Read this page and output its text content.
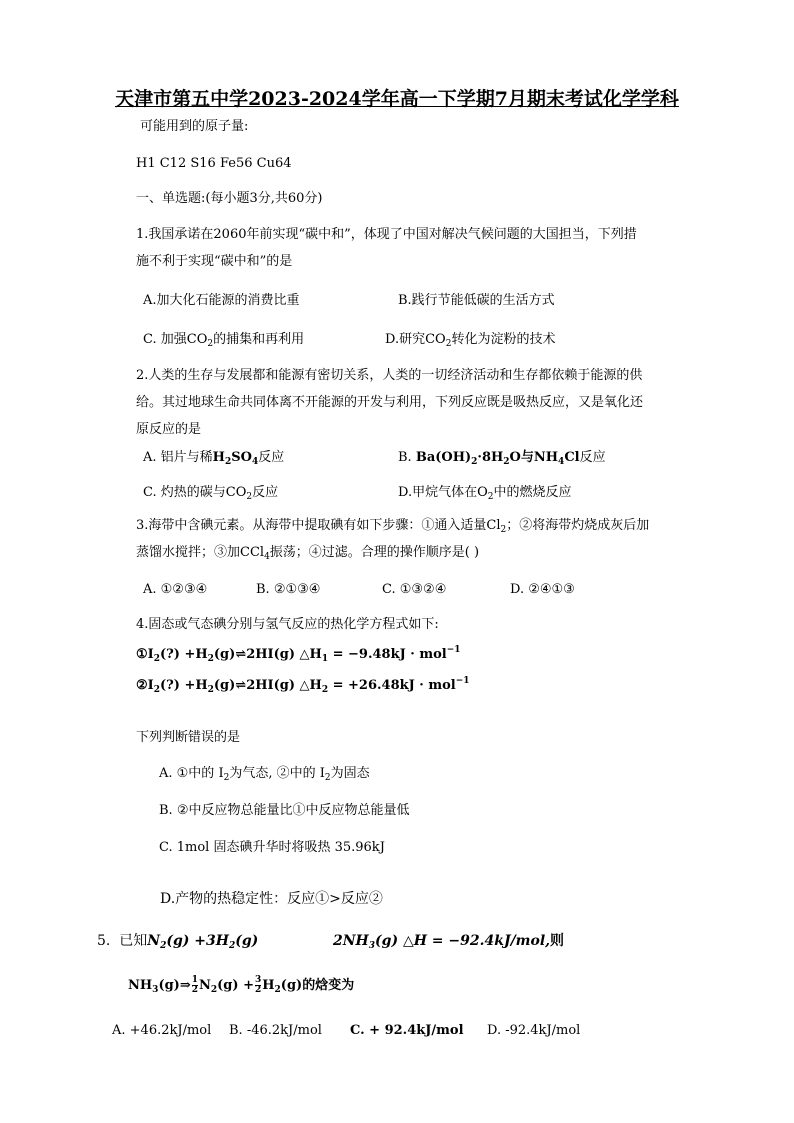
天津市第五中学2023-2024学年高一下学期7月期末考试化学学科
可能用到的原子量:
H1 C12 S16 Fe56 Cu64
一、单选题:(每小题3分,共60分)
1.我国承诺在2060年前实现“碳中和”，体现了中国对解决气候问题的大国担当，下列措
施不利于实现“碳中和”的是
A.加大化石能源的消费比重	B.践行节能低碳的生活方式
C. 加强$CO_2$的捕集和再利用	D.研究$CO_2$转化为淀粉的技术
2.人类的生存与发展都和能源有密切关系，人类的一切经济活动和生存都依赖于能源的供
给。其过地球生命共同体离不开能源的开发与利用，下列反应既是吸热反应，又是氧化还
原反应的是
A. 铝片与稀$H_2SO_4$反应	B. $Ba(OH)_2\cdot 8H_2O$与$NH_4Cl$反应
C. 灼热的碳与$CO_2$反应	D.甲烷气体在$O_2$中的燃烧反应
3.海带中含碘元素。从海带中提取碘有如下步骤：①通入适量$Cl_2$；②将海带灼烧成灰后加
蒸馏水搅拌；③加CCl$_4$振荡；④过滤。合理的操作顺序是( )
A. ①②③④	B. ②①③④	C. ①③②④	D. ②④①③
4.固态或气态碘分别与氢气反应的热化学方程式如下:
$①I_2(?)$ $+H_2(g)\rightleftharpoons 2HI(g)$ $\triangle H_1 = -9.48kJ \cdot mol^{-1}$
$②I_2(?)$ $+H_2(g)\rightleftharpoons 2HI(g)$ $\triangle H_2 = +26.48kJ \cdot mol^{-1}$
下列判断错误的是
A. ①中的 $I_2$为气态, ②中的 $I_2$为固态
B. ②中反应物总能量比①中反应物总能量低
C. 1mol 固态碘升华时将吸热 35.96kJ
D.产物的热稳定性：反应①>反应②
5. 已知$N_2(g) +3H_2(g)$	$2NH_3(g)$ △H = −92.4kJ/mol,则
$NH_3(g)\Rightarrow \frac{1}{2} N_2(g) + \frac{3}{2} H_2(g)$的焓变为
A. +46.2kJ/mol B. -46.2kJ/mol C. + 92.4kJ/mol D. -92.4kJ/mol
